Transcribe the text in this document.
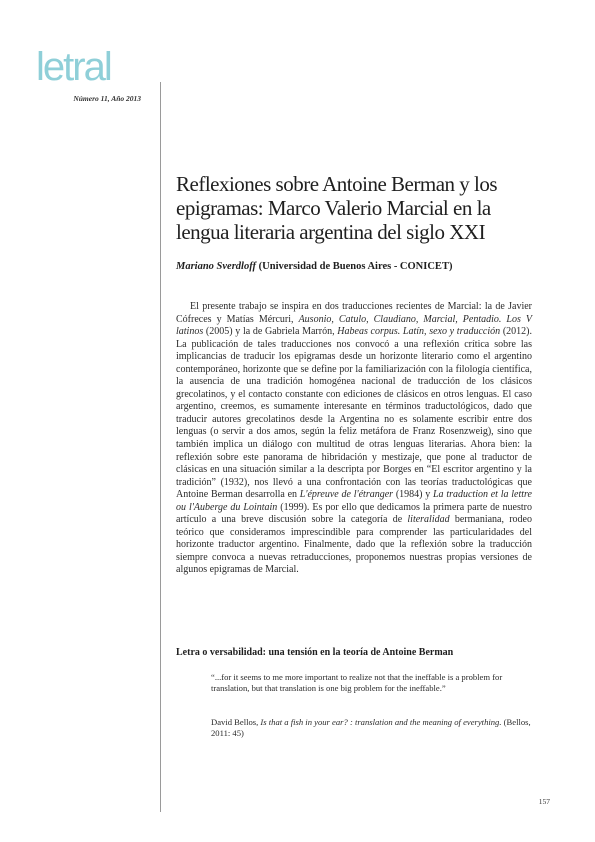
letral
Número 11, Año 2013
Reflexiones sobre Antoine Berman y los epigramas: Marco Valerio Marcial en la lengua literaria argentina del siglo XXI
Mariano Sverdloff (Universidad de Buenos Aires - CONICET)

El presente trabajo se inspira en dos traducciones recientes de Marcial: la de Javier Cófreces y Matías Mércuri, Ausonio, Catulo, Claudiano, Marcial, Pentadio. Los V latinos (2005) y la de Gabriela Marrón, Habeas corpus. Latín, sexo y traducción (2012). La publicación de tales traducciones nos convocó a una reflexión crítica sobre las implicancias de traducir los epigramas desde un horizonte literario como el argentino contemporáneo, horizonte que se define por la familiarización con la filología científica, la ausencia de una tradición homogénea nacional de traducción de los clásicos grecolatinos, y el contacto constante con ediciones de clásicos en otros lenguas. El caso argentino, creemos, es sumamente interesante en términos traductológicos, dado que traducir autores grecolatinos desde la Argentina no es solamente escribir entre dos lenguas (o servir a dos amos, según la feliz metáfora de Franz Rosenzweig), sino que también implica un diálogo con multitud de otras lenguas literarias. Ahora bien: la reflexión sobre este panorama de hibridación y mestizaje, que pone al traductor de clásicas en una situación similar a la descripta por Borges en “El escritor argentino y la tradición” (1932), nos llevó a una confrontación con las teorías traductológicas que Antoine Berman desarrolla en L'épreuve de l'étranger (1984) y La traduction et la lettre ou l'Auberge du Lointain (1999). Es por ello que dedicamos la primera parte de nuestro artículo a una breve discusión sobre la categoría de literalidad bermaniana, rodeo teórico que consideramos imprescindible para comprender las particularidades del horizonte traductor argentino. Finalmente, dado que la reflexión sobre la traducción siempre convoca a nuevas retraducciones, proponemos nuestras propias versiones de algunos epigramas de Marcial.

Letra o versabilidad: una tensión en la teoría de Antoine Berman

“...for it seems to me more important to realize not that the ineffable is a problem for translation, but that translation is one big problem for the ineffable.”

David Bellos, Is that a fish in your ear? : translation and the meaning of everything. (Bellos, 2011: 45)

157
